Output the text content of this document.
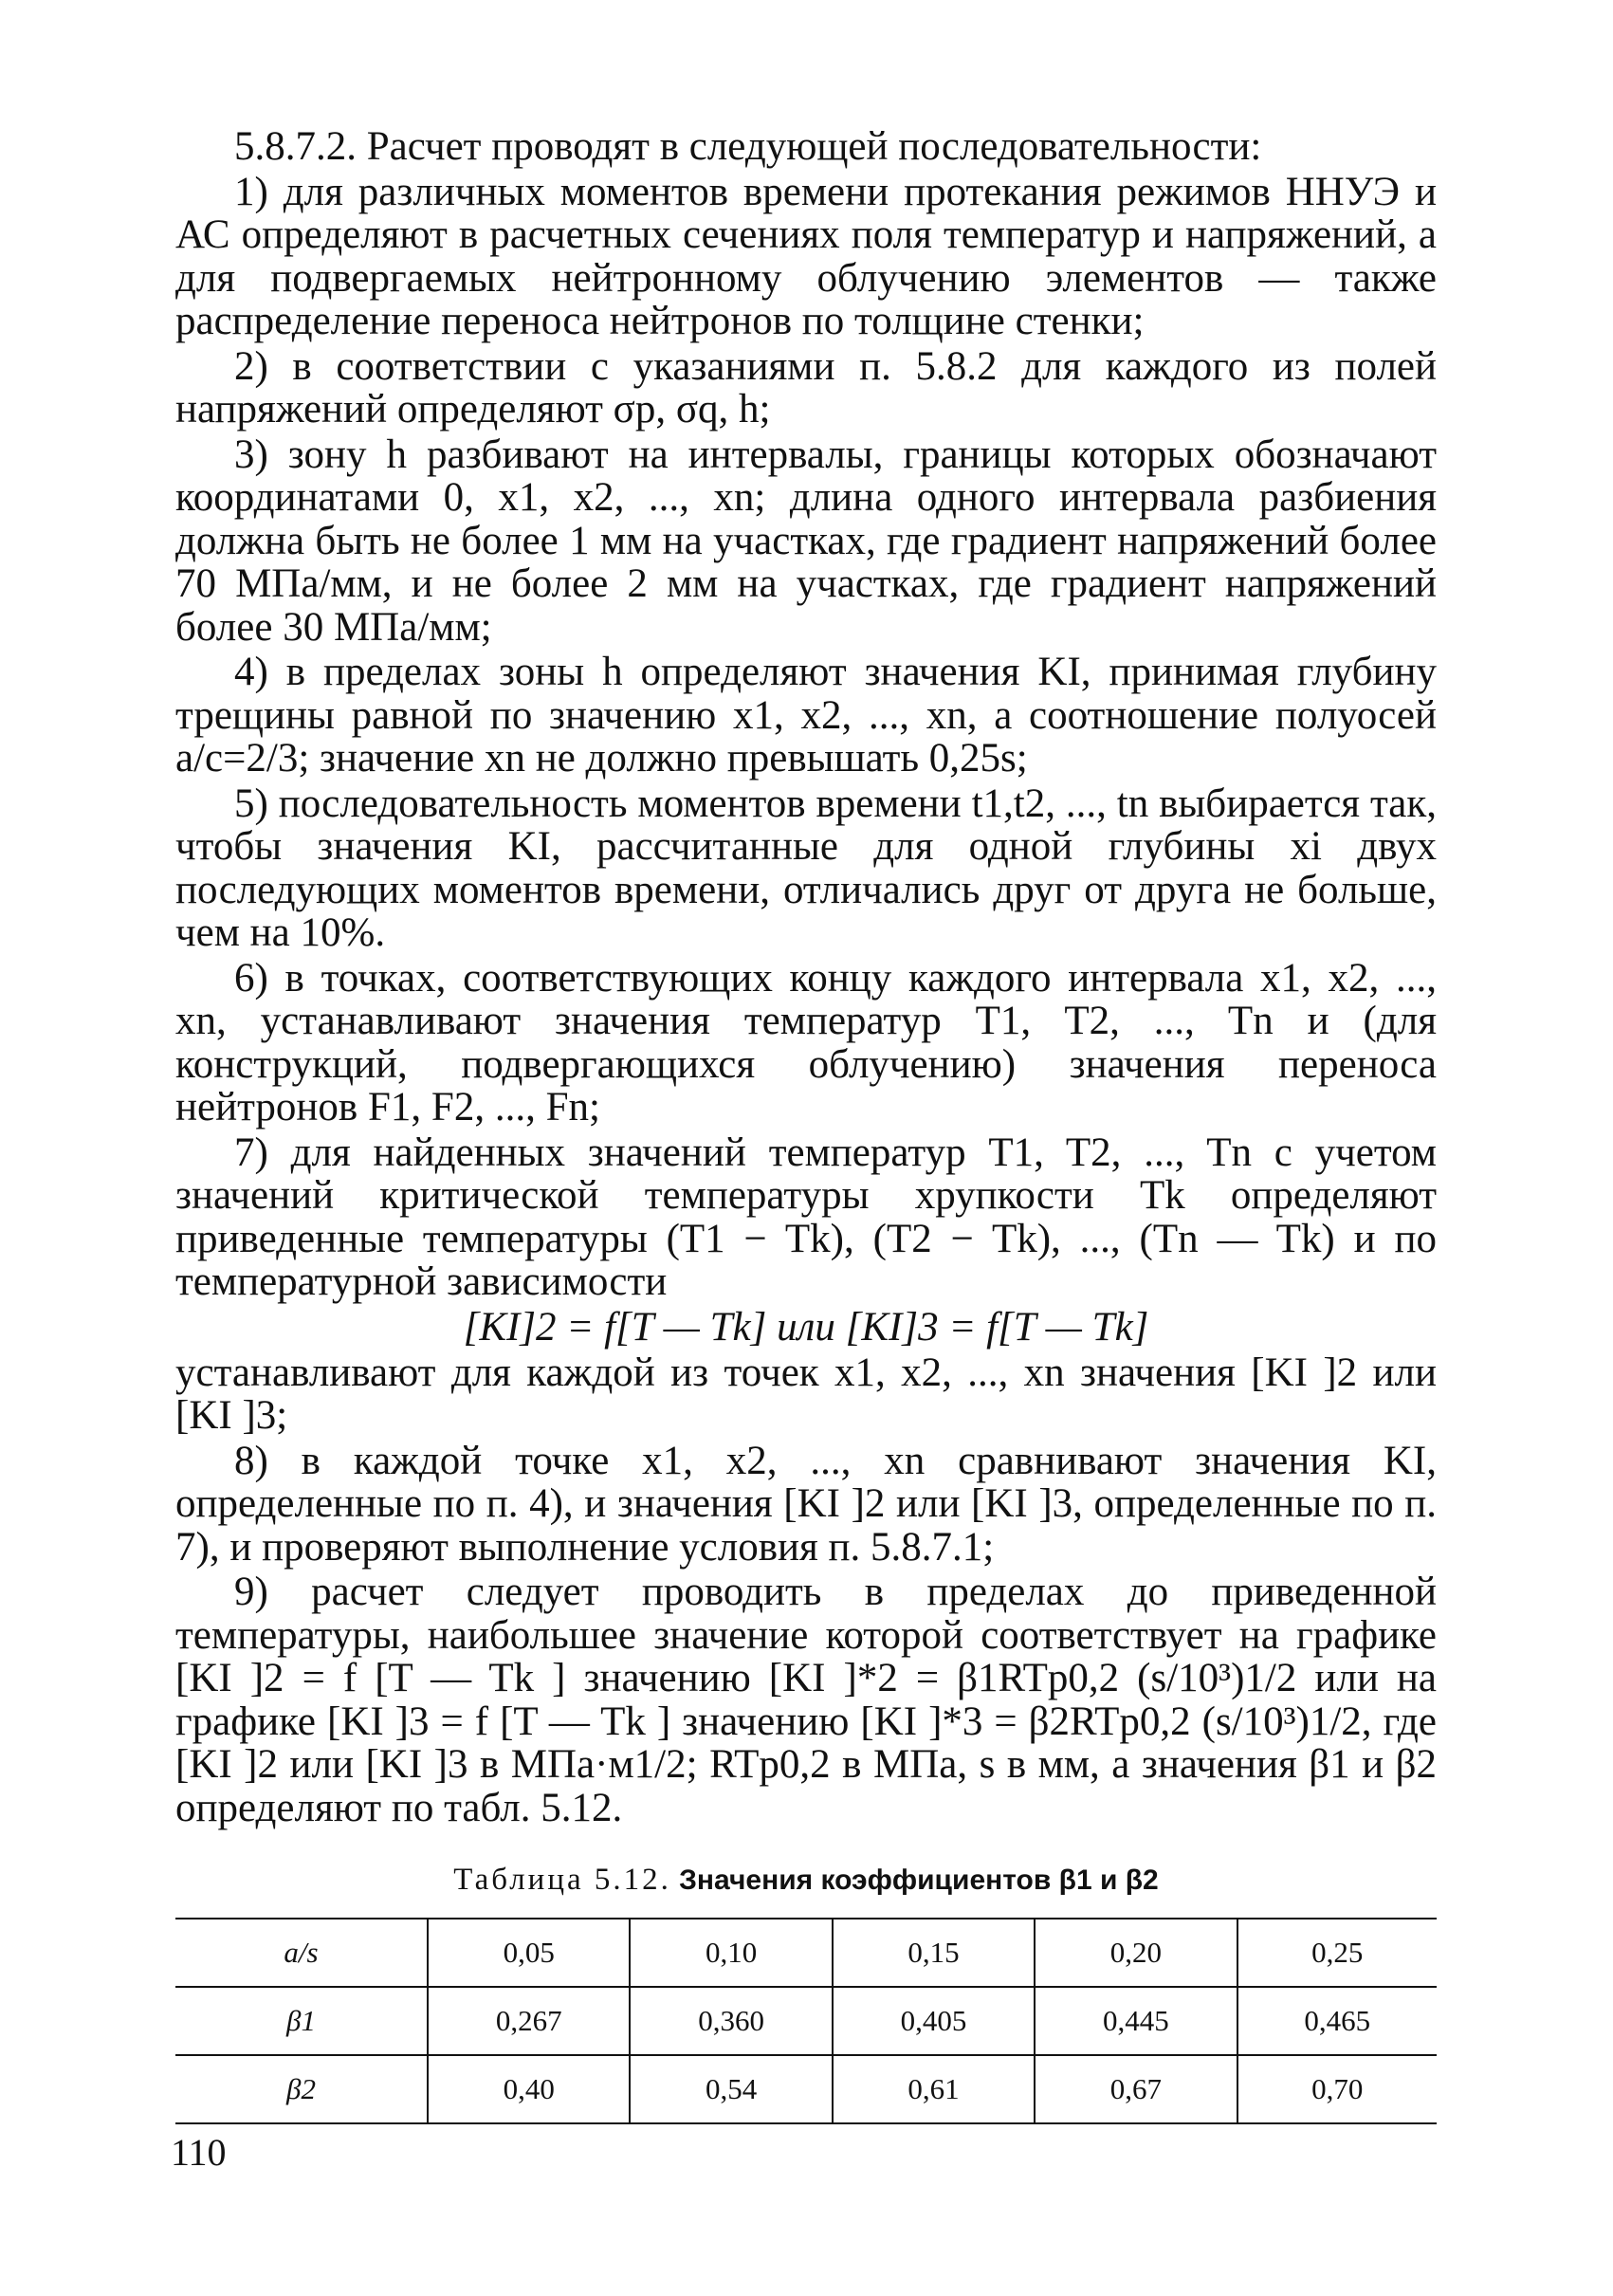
5.8.7.2. Расчет проводят в следующей последовательности:

1) для различных моментов времени протекания режимов ННУЭ и АС определяют в расчетных сечениях поля температур и напряжений, а для подвергаемых нейтронному облучению элементов — также распределение переноса нейтронов по толщине стенки;

2) в соответствии с указаниями п. 5.8.2 для каждого из полей напряжений определяют σp, σq, h;

3) зону h разбивают на интервалы, границы которых обозначают координатами 0, x1, x2, ..., xn; длина одного интервала разбиения должна быть не более 1 мм на участках, где градиент напряжений более 70 МПа/мм, и не более 2 мм на участках, где градиент напряжений более 30 МПа/мм;

4) в пределах зоны h определяют значения KI, принимая глубину трещины равной по значению x1, x2, ..., xn, а соотношение полуосей a/c=2/3; значение xn не должно превышать 0,25s;

5) последовательность моментов времени t1,t2, ..., tn выбирается так, чтобы значения KI, рассчитанные для одной глубины xi двух последующих моментов времени, отличались друг от друга не больше, чем на 10%.

6) в точках, соответствующих концу каждого интервала x1, x2, ..., xn, устанавливают значения температур T1, T2, ..., Tn и (для конструкций, подвергающихся облучению) значения переноса нейтронов F1, F2, ..., Fn;

7) для найденных значений температур T1, T2, ..., Tn с учетом значений критической температуры хрупкости Tk определяют приведенные температуры (T1 − Tk), (T2 − Tk), ..., (Tn — Tk) и по температурной зависимости

[KI]2 = f[T — Tk] или [KI]3 = f[T — Tk]

устанавливают для каждой из точек x1, x2, ..., xn значения [KI ]2 или [KI ]3;

8) в каждой точке x1, x2, ..., xn сравнивают значения KI, определенные по п. 4), и значения [KI ]2 или [KI ]3, определенные по п. 7), и проверяют выполнение условия п. 5.8.7.1;

9) расчет следует проводить в пределах до приведенной температуры, наибольшее значение которой соответствует на графике [KI ]2 = f [T — Tk ] значению [KI ]*2 = β1RTp0,2 (s/10³)1/2 или на графике [KI ]3 = f [T — Tk ] значению [KI ]*3 = β2RTp0,2 (s/10³)1/2, где [KI ]2 или [KI ]3 в МПа·м1/2; RTp0,2 в МПа, s в мм, а значения β1 и β2 определяют по табл. 5.12.

Таблица 5.12. Значения коэффициентов β1 и β2
a/s	0,05	0,10	0,15	0,20	0,25
β1	0,267	0,360	0,405	0,445	0,465
β2	0,40	0,54	0,61	0,67	0,70
110
